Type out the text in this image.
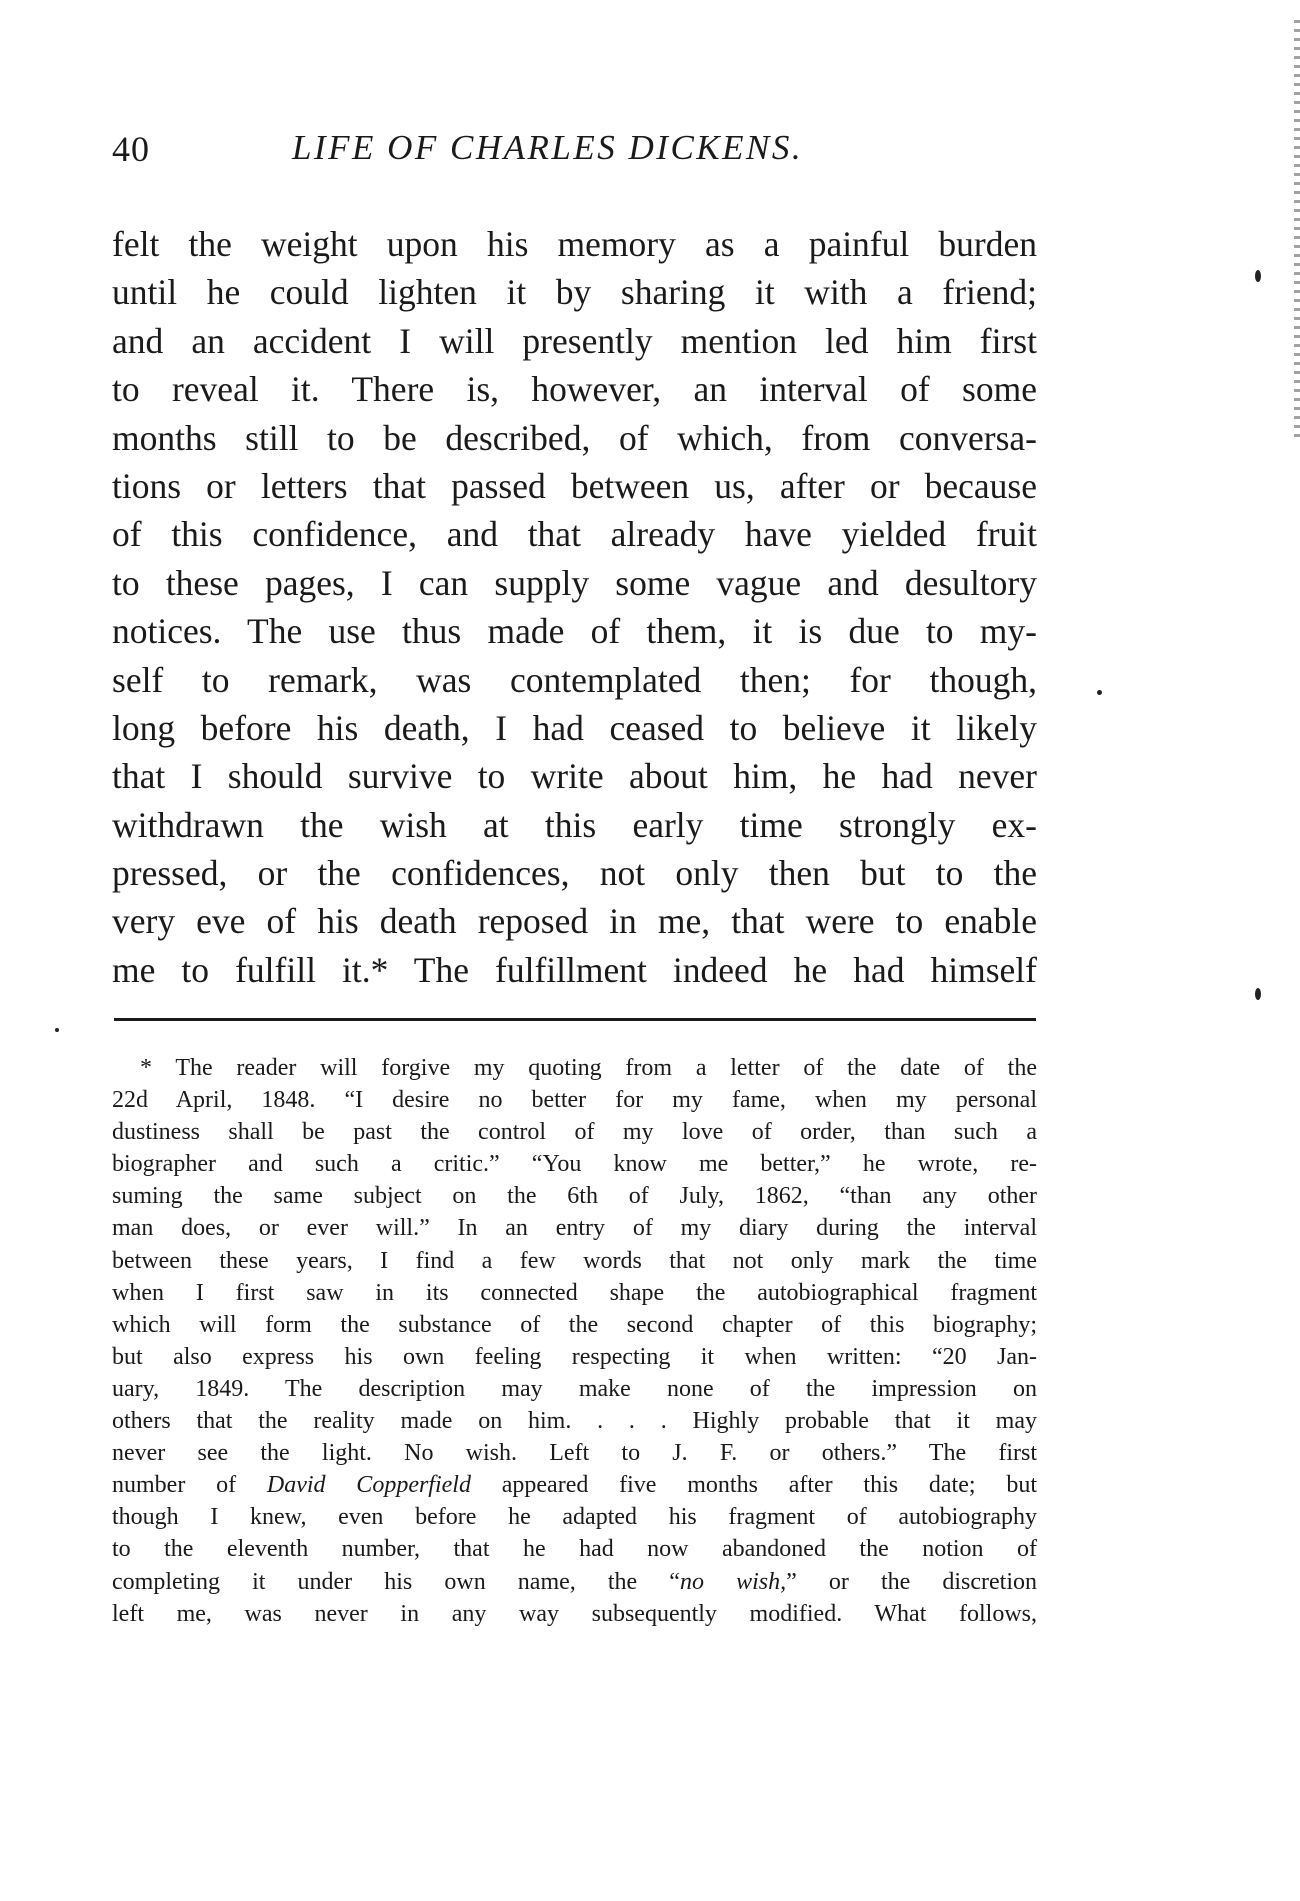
40	LIFE OF CHARLES DICKENS.
felt the weight upon his memory as a painful burden
until he could lighten it by sharing it with a friend;
and an accident I will presently mention led him first
to reveal it. There is, however, an interval of some
months still to be described, of which, from conversa-
tions or letters that passed between us, after or because
of this confidence, and that already have yielded fruit
to these pages, I can supply some vague and desultory
notices. The use thus made of them, it is due to my-
self to remark, was contemplated then; for though,
long before his death, I had ceased to believe it likely
that I should survive to write about him, he had never
withdrawn the wish at this early time strongly ex-
pressed, or the confidences, not only then but to the
very eve of his death reposed in me, that were to enable
me to fulfill it.* The fulfillment indeed he had himself
* The reader will forgive my quoting from a letter of the date of the
22d April, 1848. “I desire no better for my fame, when my personal
dustiness shall be past the control of my love of order, than such a
biographer and such a critic.” “You know me better,” he wrote, re-
suming the same subject on the 6th of July, 1862, “than any other
man does, or ever will.” In an entry of my diary during the interval
between these years, I find a few words that not only mark the time
when I first saw in its connected shape the autobiographical fragment
which will form the substance of the second chapter of this biography;
but also express his own feeling respecting it when written: “20 Jan-
uary, 1849. The description may make none of the impression on
others that the reality made on him. . . . Highly probable that it may
never see the light. No wish. Left to J. F. or others.” The first
number of David Copperfield appeared five months after this date; but
though I knew, even before he adapted his fragment of autobiography
to the eleventh number, that he had now abandoned the notion of
completing it under his own name, the “no wish,” or the discretion
left me, was never in any way subsequently modified. What follows,
